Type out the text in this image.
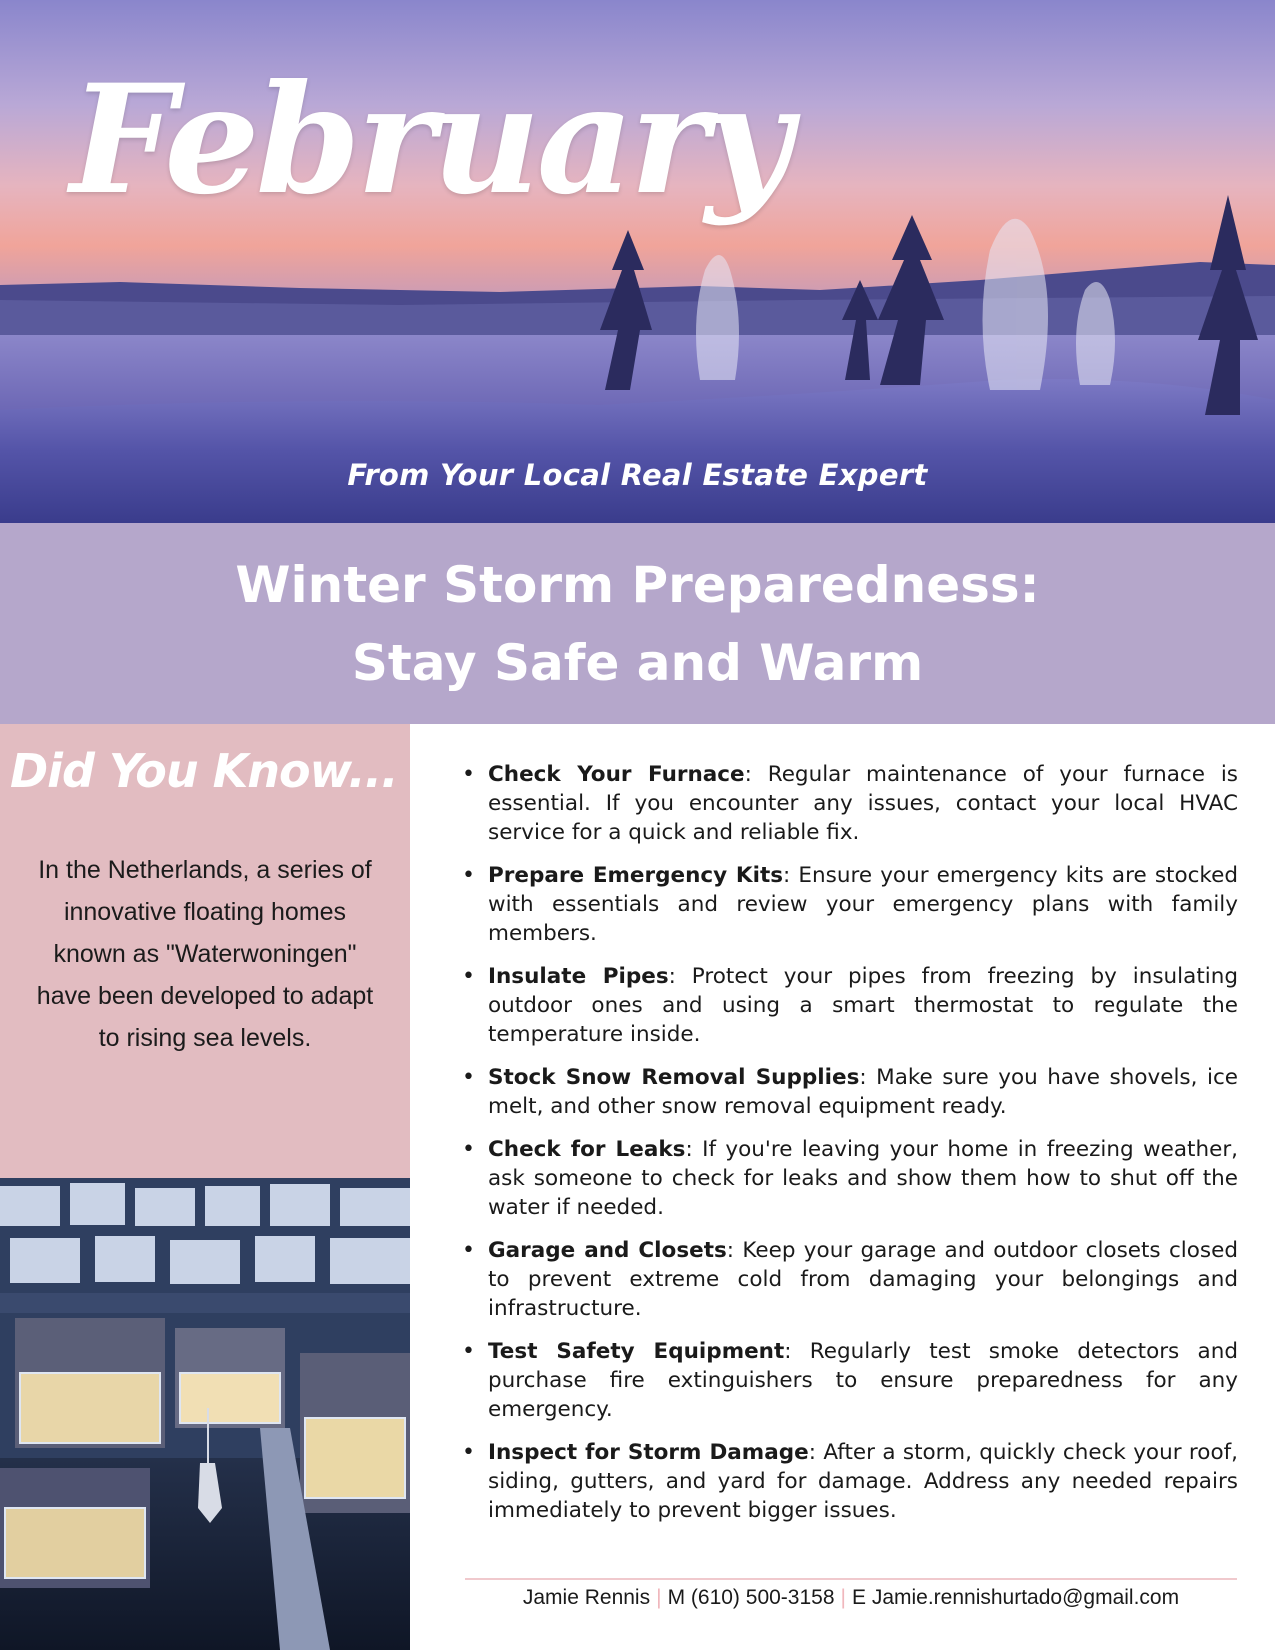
February
From Your Local Real Estate Expert
Winter Storm Preparedness:
Stay Safe and Warm
Did You Know...

In the Netherlands, a series of innovative floating homes known as "Waterwoningen" have been developed to adapt to rising sea levels.

• Check Your Furnace: Regular maintenance of your furnace is essential. If you encounter any issues, contact your local HVAC service for a quick and reliable fix.
• Prepare Emergency Kits: Ensure your emergency kits are stocked with essentials and review your emergency plans with family members.
• Insulate Pipes: Protect your pipes from freezing by insulating outdoor ones and using a smart thermostat to regulate the temperature inside.
• Stock Snow Removal Supplies: Make sure you have shovels, ice melt, and other snow removal equipment ready.
• Check for Leaks: If you're leaving your home in freezing weather, ask someone to check for leaks and show them how to shut off the water if needed.
• Garage and Closets: Keep your garage and outdoor closets closed to prevent extreme cold from damaging your belongings and infrastructure.
• Test Safety Equipment: Regularly test smoke detectors and purchase fire extinguishers to ensure preparedness for any emergency.
• Inspect for Storm Damage: After a storm, quickly check your roof, siding, gutters, and yard for damage. Address any needed repairs immediately to prevent bigger issues.
Jamie Rennis | M (610) 500-3158 | E Jamie.rennishurtado@gmail.com
